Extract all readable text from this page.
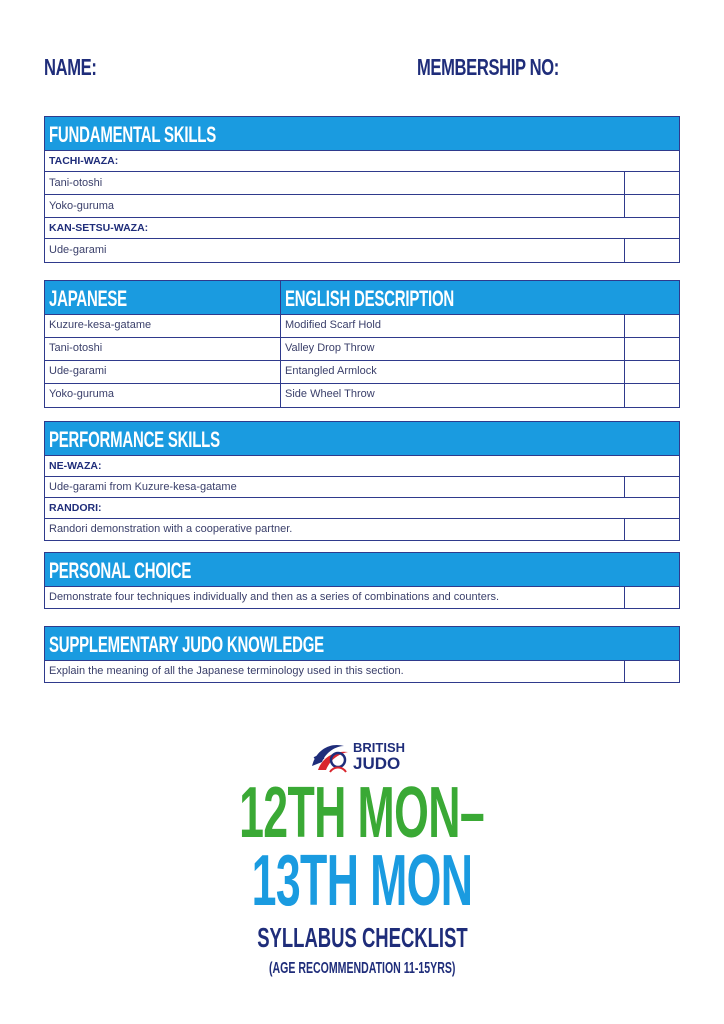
NAME:	MEMBERSHIP NO:
FUNDAMENTAL SKILLS
TACHI-WAZA:
Tani-otoshi
Yoko-guruma
KAN-SETSU-WAZA:
Ude-garami
JAPANESE	ENGLISH DESCRIPTION
Kuzure-kesa-gatame	Modified Scarf Hold
Tani-otoshi	Valley Drop Throw
Ude-garami	Entangled Armlock
Yoko-guruma	Side Wheel Throw
PERFORMANCE SKILLS
NE-WAZA:
Ude-garami from Kuzure-kesa-gatame
RANDORI:
Randori demonstration with a cooperative partner.
PERSONAL CHOICE
Demonstrate four techniques individually and then as a series of combinations and counters.
SUPPLEMENTARY JUDO KNOWLEDGE
Explain the meaning of all the Japanese terminology used in this section.
BRITISH
JUDO
12TH MON–
13TH MON
SYLLABUS CHECKLIST
(AGE RECOMMENDATION 11-15YRS)
